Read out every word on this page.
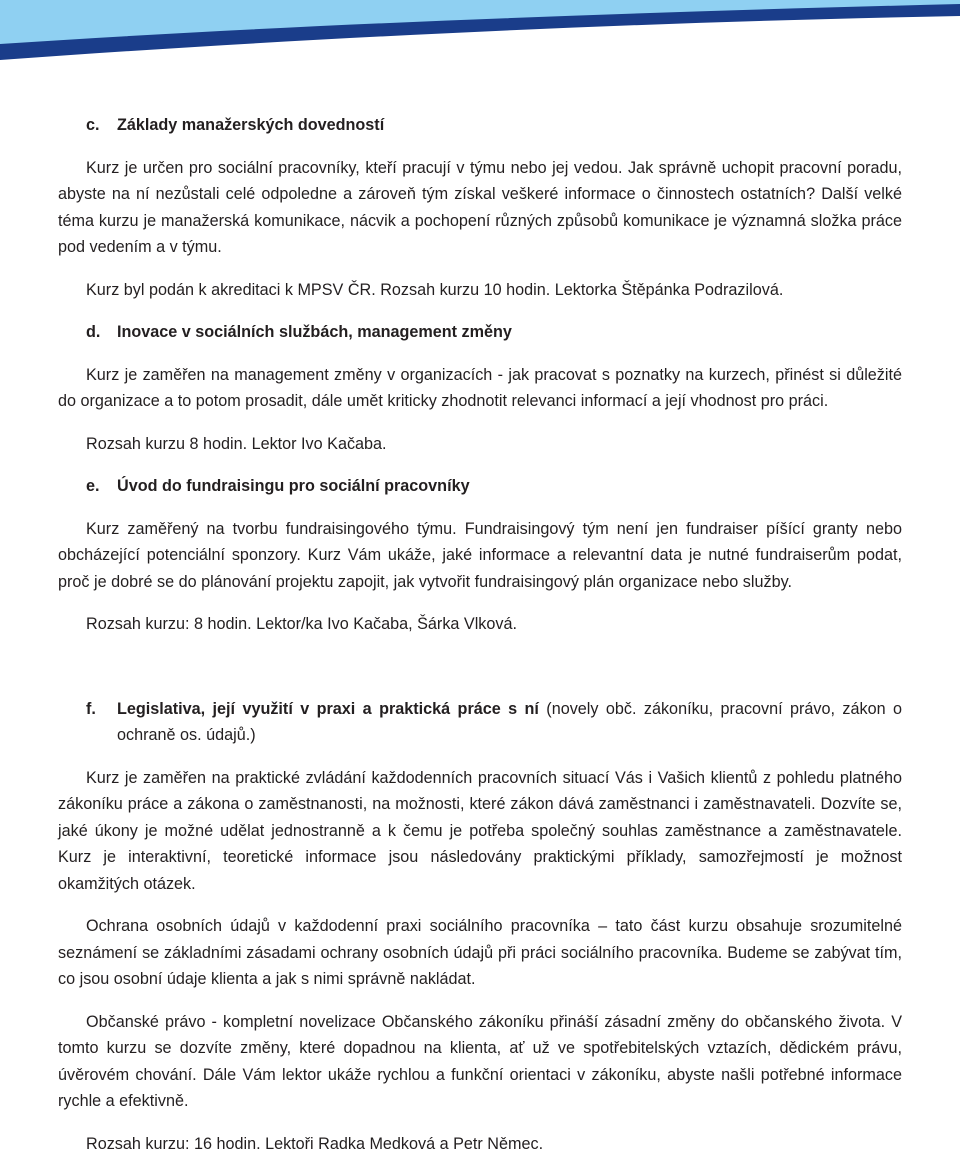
c.	Základy manažerských dovedností

Kurz je určen pro sociální pracovníky, kteří pracují v týmu nebo jej vedou. Jak správně uchopit pracovní poradu, abyste na ní nezůstali celé odpoledne a zároveň tým získal veškeré informace o činnostech ostatních? Další velké téma kurzu je manažerská komunikace, nácvik a pochopení různých způsobů komunikace je významná složka práce pod vedením a v týmu.

Kurz byl podán k akreditaci k MPSV ČR. Rozsah kurzu 10 hodin. Lektorka Štěpánka Podrazilová.

d.	Inovace v sociálních službách, management změny

Kurz je zaměřen na management změny v organizacích - jak pracovat s poznatky na kurzech, přinést si důležité do organizace a to potom prosadit, dále umět kriticky zhodnotit relevanci informací a její vhodnost pro práci.

Rozsah kurzu 8 hodin. Lektor Ivo Kačaba.

e.	Úvod do fundraisingu pro sociální pracovníky

Kurz zaměřený na tvorbu fundraisingového týmu. Fundraisingový tým není jen fundraiser píšící granty nebo obcházející potenciální sponzory. Kurz Vám ukáže, jaké informace a relevantní data je nutné fundraiserům podat, proč je dobré se do plánování projektu zapojit, jak vytvořit fundraisingový plán organizace nebo služby.

Rozsah kurzu: 8 hodin. Lektor/ka Ivo Kačaba, Šárka Vlková.

f.	Legislativa, její využití v praxi a praktická práce s ní (novely obč. zákoníku, pracovní právo, zákon o ochraně os. údajů.)

Kurz je zaměřen na praktické zvládání každodenních pracovních situací Vás i Vašich klientů z pohledu platného zákoníku práce a zákona o zaměstnanosti, na možnosti, které zákon dává zaměstnanci i zaměstnavateli. Dozvíte se, jaké úkony je možné udělat jednostranně a k čemu je potřeba společný souhlas zaměstnance a zaměstnavatele. Kurz je interaktivní, teoretické informace jsou následovány praktickými příklady, samozřejmostí je možnost okamžitých otázek.

Ochrana osobních údajů v každodenní praxi sociálního pracovníka – tato část kurzu obsahuje srozumitelné seznámení se základními zásadami ochrany osobních údajů při práci sociálního pracovníka. Budeme se zabývat tím, co jsou osobní údaje klienta a jak s nimi správně nakládat.

Občanské právo - kompletní novelizace Občanského zákoníku přináší zásadní změny do občanského života. V tomto kurzu se dozvíte změny, které dopadnou na klienta, ať už ve spotřebitelských vztazích, dědickém právu, úvěrovém chování. Dále Vám lektor ukáže rychlou a funkční orientaci v zákoníku, abyste našli potřebné informace rychle a efektivně.

Rozsah kurzu: 16 hodin. Lektoři Radka Medková a Petr Němec.
